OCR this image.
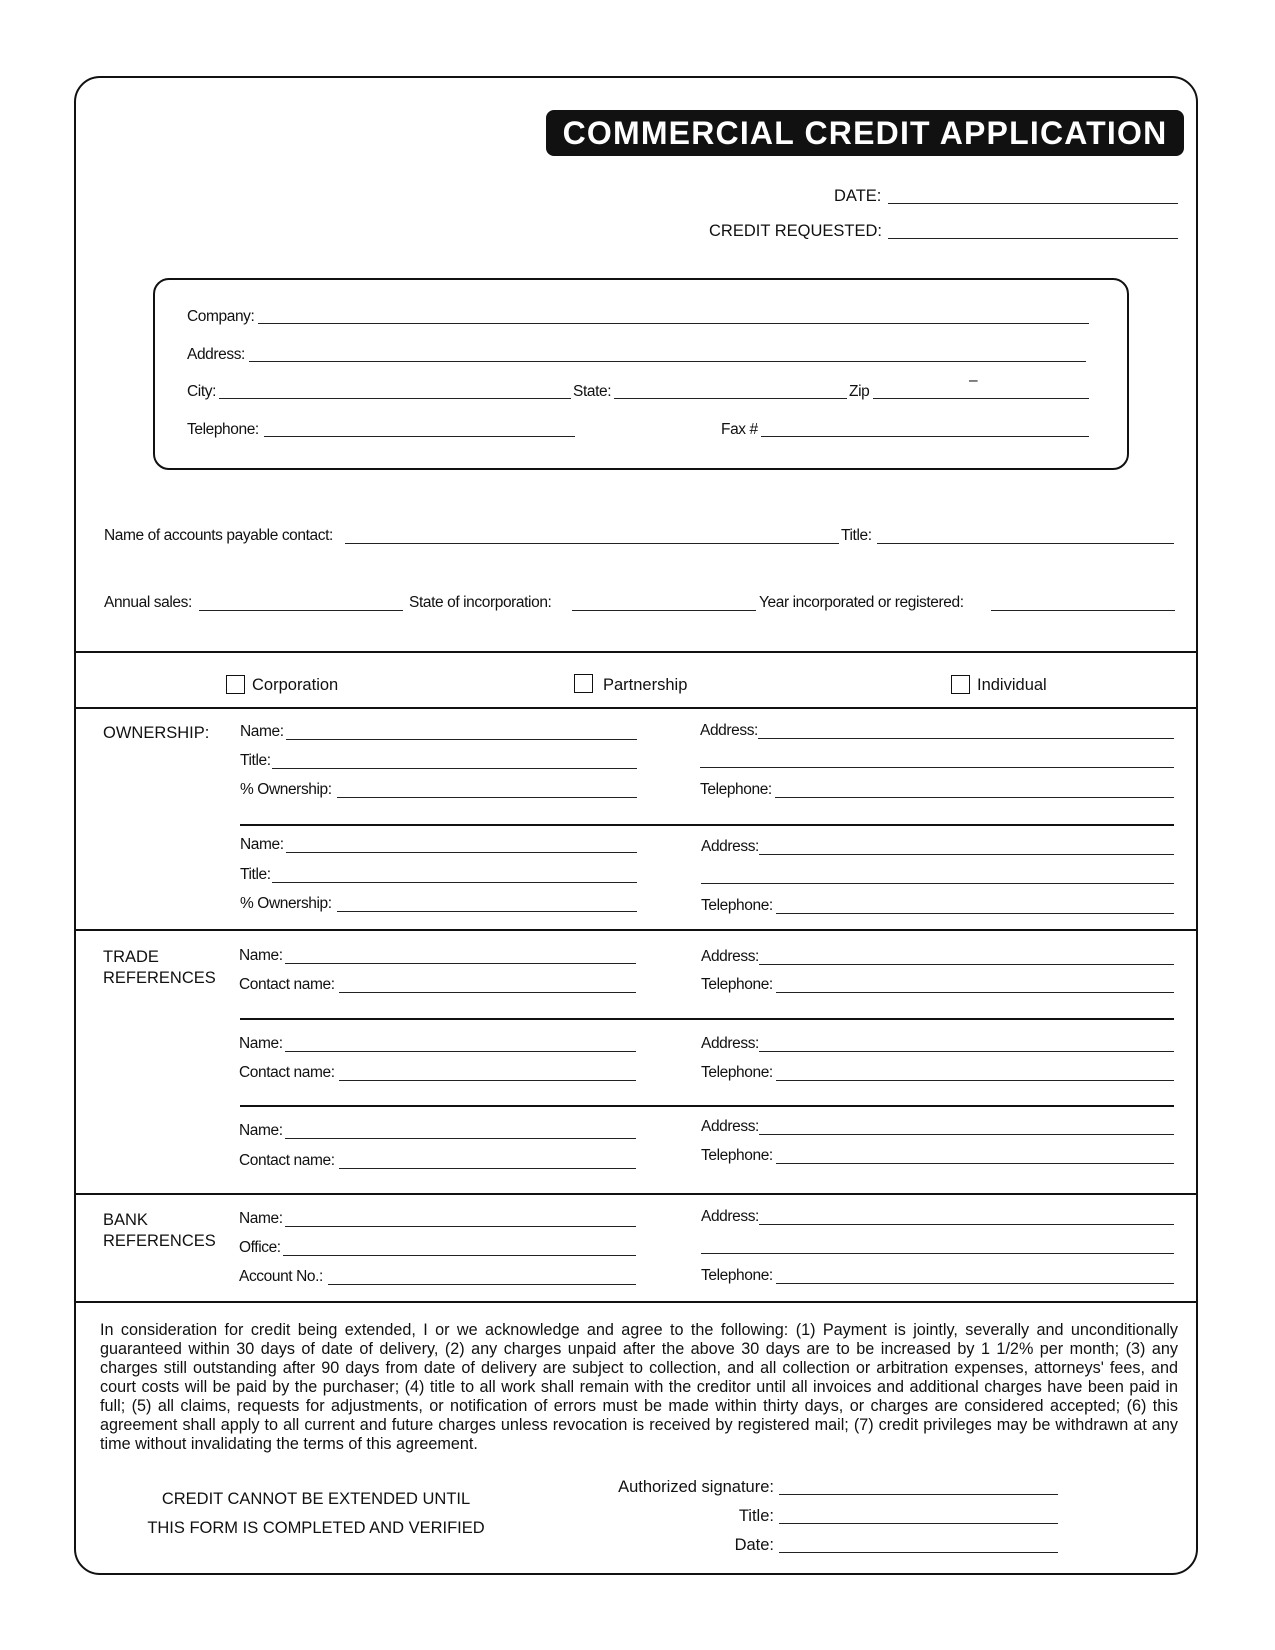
COMMERCIAL CREDIT APPLICATION
DATE:
CREDIT REQUESTED:
Company:
Address:
City:	State:	Zip
–
Telephone:	Fax #
Name of accounts payable contact:	Title:
Annual sales:	State of incorporation:	Year incorporated or registered:
Corporation	Partnership	Individual
OWNERSHIP: Name:
Title:
% Ownership:
Address:
Telephone:
Name:
Title:
% Ownership:
Address:
Telephone:
TRADE
REFERENCES
Name:
Contact name:
Address:
Telephone:
Name:
Contact name:
Address:
Telephone:
Name:
Contact name:
Address:
Telephone:
BANK
REFERENCES
Name:
Office:
Account No.:
Address:
Telephone:
In consideration for credit being extended, I or we acknowledge and agree to the following: (1) Payment is jointly, severally and unconditionally guaranteed within 30 days of date of delivery, (2) any charges unpaid after the above 30 days are to be increased by 1 1/2% per month; (3) any charges still outstanding after 90 days from date of delivery are subject to collection, and all collection or arbitration expenses, attorneys' fees, and court costs will be paid by the purchaser; (4) title to all work shall remain with the creditor until all invoices and additional charges have been paid in full; (5) all claims, requests for adjustments, or notification of errors must be made within thirty days, or charges are considered accepted; (6) this agreement shall apply to all current and future charges unless revocation is received by registered mail; (7) credit privileges may be withdrawn at any time without invalidating the terms of this agreement.
CREDIT CANNOT BE EXTENDED UNTIL
THIS FORM IS COMPLETED AND VERIFIED
Authorized signature:
Title:
Date:
